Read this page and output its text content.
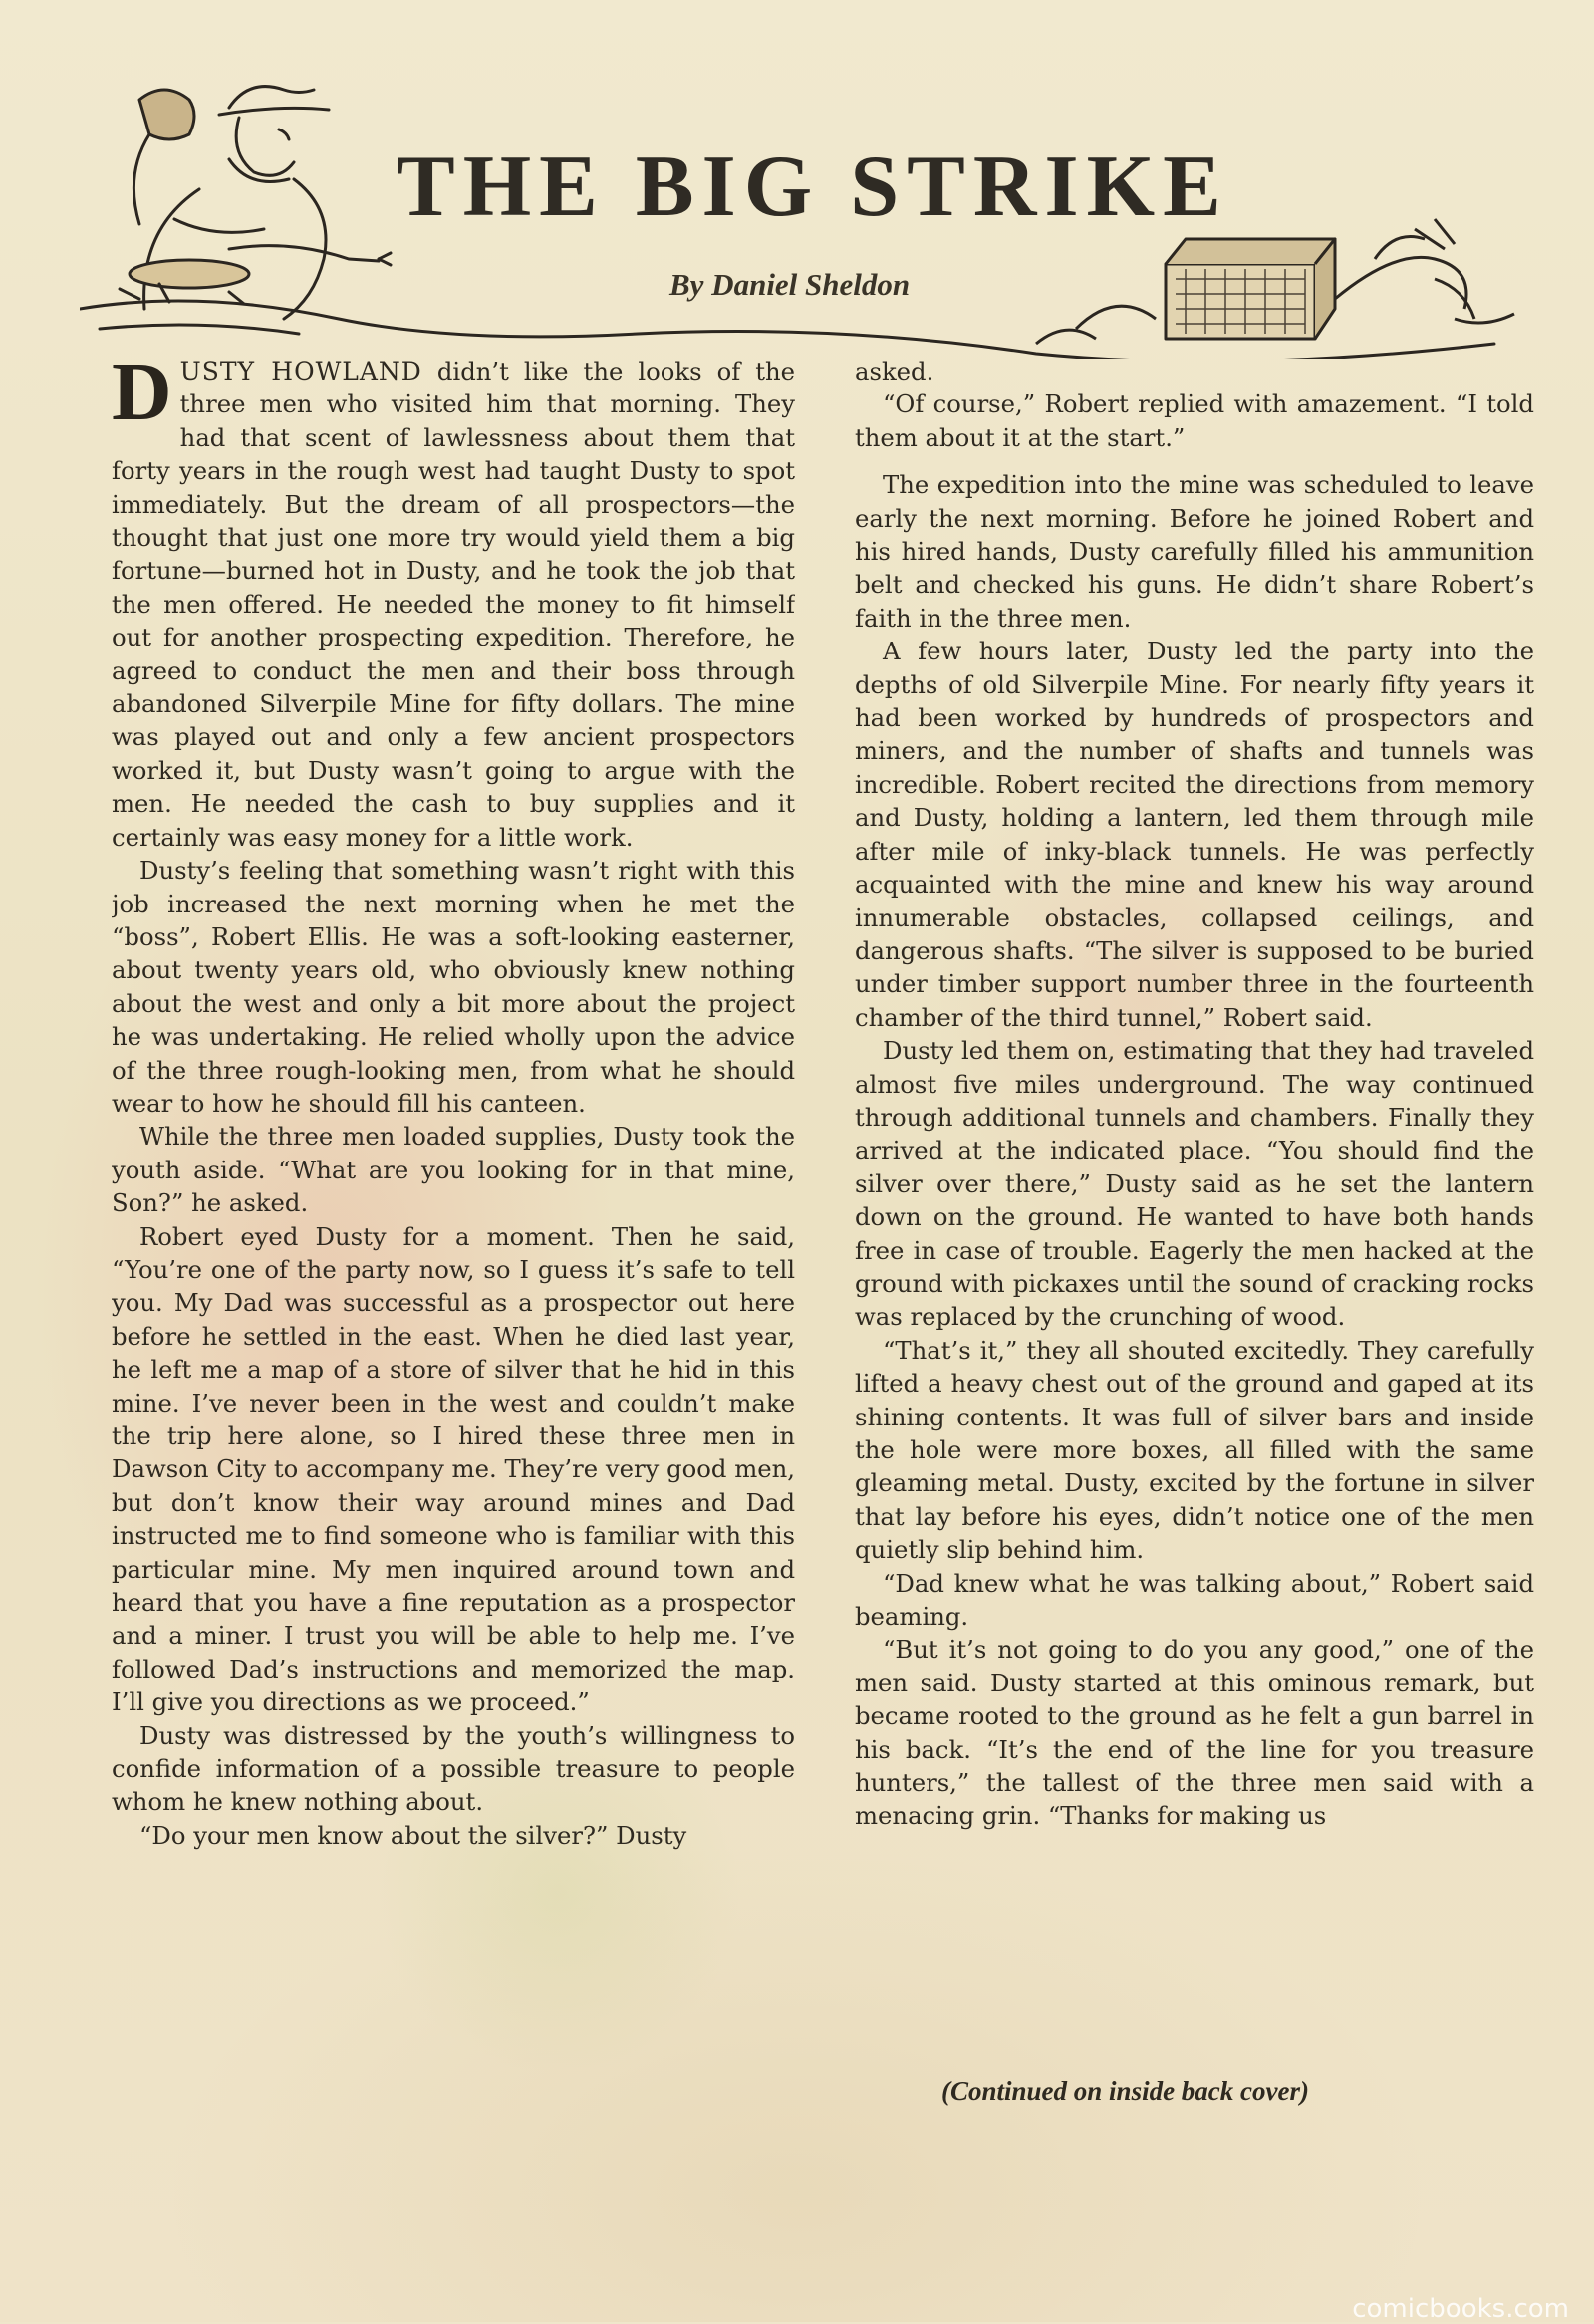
THE BIG STRIKE
By Daniel Sheldon

DUSTY HOWLAND didn’t like the looks of the three men who visited him that morning. They had that scent of lawlessness about them that forty years in the rough west had taught Dusty to spot immediately. But the dream of all prospectors—the thought that just one more try would yield them a big fortune—burned hot in Dusty, and he took the job that the men offered. He needed the money to fit himself out for another prospecting expedition. Therefore, he agreed to conduct the men and their boss through abandoned Silverpile Mine for fifty dollars. The mine was played out and only a few ancient prospectors worked it, but Dusty wasn’t going to argue with the men. He needed the cash to buy supplies and it certainly was easy money for a little work.

Dusty’s feeling that something wasn’t right with this job increased the next morning when he met the “boss”, Robert Ellis. He was a soft-looking easterner, about twenty years old, who obviously knew nothing about the west and only a bit more about the project he was undertaking. He relied wholly upon the advice of the three rough-looking men, from what he should wear to how he should fill his canteen.

While the three men loaded supplies, Dusty took the youth aside. “What are you looking for in that mine, Son?” he asked.

Robert eyed Dusty for a moment. Then he said, “You’re one of the party now, so I guess it’s safe to tell you. My Dad was successful as a prospector out here before he settled in the east. When he died last year, he left me a map of a store of silver that he hid in this mine. I’ve never been in the west and couldn’t make the trip here alone, so I hired these three men in Dawson City to accompany me. They’re very good men, but don’t know their way around mines and Dad instructed me to find someone who is familiar with this particular mine. My men inquired around town and heard that you have a fine reputation as a prospector and a miner. I trust you will be able to help me. I’ve followed Dad’s instructions and memorized the map. I’ll give you directions as we proceed.”

Dusty was distressed by the youth’s willingness to confide information of a possible treasure to people whom he knew nothing about.

“Do your men know about the silver?” Dusty

asked.

“Of course,” Robert replied with amazement. “I told them about it at the start.”

The expedition into the mine was scheduled to leave early the next morning. Before he joined Robert and his hired hands, Dusty carefully filled his ammunition belt and checked his guns. He didn’t share Robert’s faith in the three men.

A few hours later, Dusty led the party into the depths of old Silverpile Mine. For nearly fifty years it had been worked by hundreds of prospectors and miners, and the number of shafts and tunnels was incredible. Robert recited the directions from memory and Dusty, holding a lantern, led them through mile after mile of inky-black tunnels. He was perfectly acquainted with the mine and knew his way around innumerable obstacles, collapsed ceilings, and dangerous shafts. “The silver is supposed to be buried under timber support number three in the fourteenth chamber of the third tunnel,” Robert said.

Dusty led them on, estimating that they had traveled almost five miles underground. The way continued through additional tunnels and chambers. Finally they arrived at the indicated place. “You should find the silver over there,” Dusty said as he set the lantern down on the ground. He wanted to have both hands free in case of trouble. Eagerly the men hacked at the ground with pickaxes until the sound of cracking rocks was replaced by the crunching of wood.

“That’s it,” they all shouted excitedly. They carefully lifted a heavy chest out of the ground and gaped at its shining contents. It was full of silver bars and inside the hole were more boxes, all filled with the same gleaming metal. Dusty, excited by the fortune in silver that lay before his eyes, didn’t notice one of the men quietly slip behind him.

“Dad knew what he was talking about,” Robert said beaming.

“But it’s not going to do you any good,” one of the men said. Dusty started at this ominous remark, but became rooted to the ground as he felt a gun barrel in his back. “It’s the end of the line for you treasure hunters,” the tallest of the three men said with a menacing grin. “Thanks for making us

(Continued on inside back cover)
comicbooks.com
